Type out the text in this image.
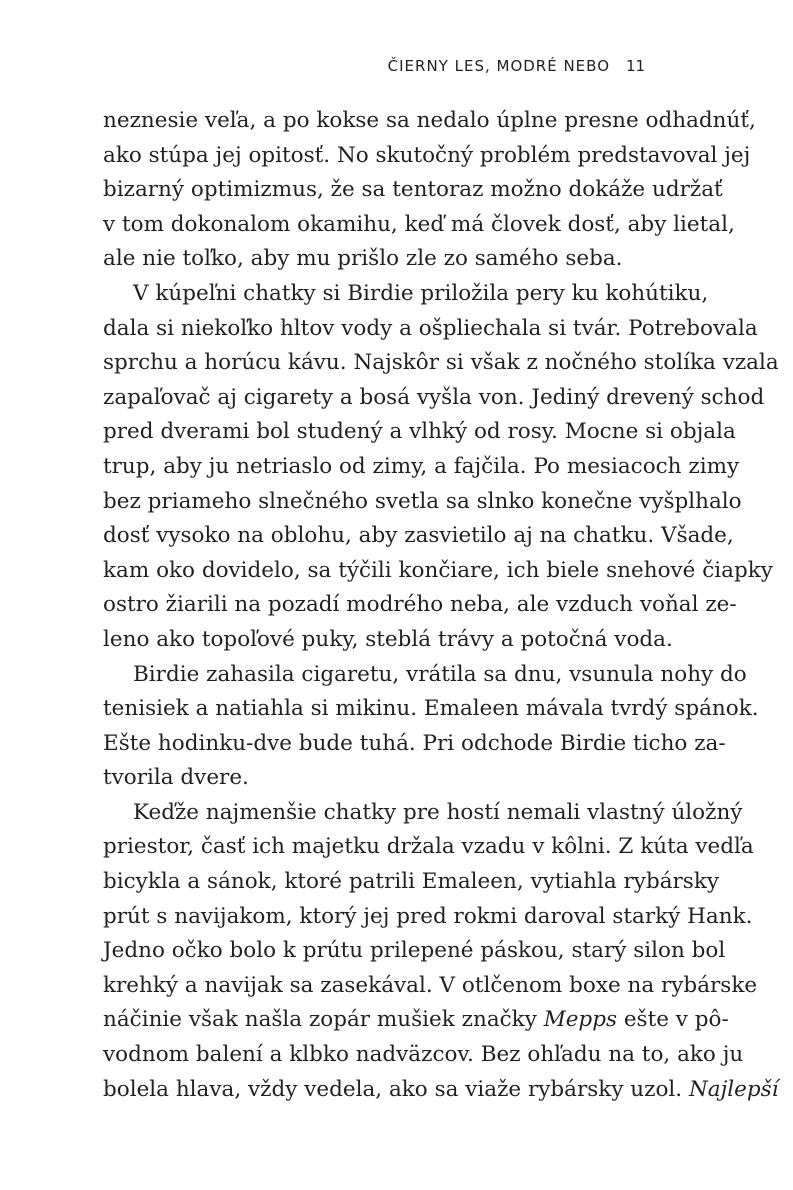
ČIERNY LES, MODRÉ NEBO 11
neznesie veľa, a po kokse sa nedalo úplne presne odhadnúť,
ako stúpa jej opitosť. No skutočný problém predstavoval jej
bizarný optimizmus, že sa tentoraz možno dokáže udržať
v tom dokonalom okamihu, keď má človek dosť, aby lietal,
ale nie toľko, aby mu prišlo zle zo samého seba.
V kúpeľni chatky si Birdie priložila pery ku kohútiku,
dala si niekoľko hltov vody a ošpliechala si tvár. Potrebovala
sprchu a horúcu kávu. Najskôr si však z nočného stolíka vzala
zapaľovač aj cigarety a bosá vyšla von. Jediný drevený schod
pred dverami bol studený a vlhký od rosy. Mocne si objala
trup, aby ju netriaslo od zimy, a fajčila. Po mesiacoch zimy
bez priameho slnečného svetla sa slnko konečne vyšplhalo
dosť vysoko na oblohu, aby zasvietilo aj na chatku. Všade,
kam oko dovidelo, sa týčili končiare, ich biele snehové čiapky
ostro žiarili na pozadí modrého neba, ale vzduch voňal ze-
leno ako topoľové puky, steblá trávy a potočná voda.
Birdie zahasila cigaretu, vrátila sa dnu, vsunula nohy do
tenisiek a natiahla si mikinu. Emaleen mávala tvrdý spánok.
Ešte hodinku-dve bude tuhá. Pri odchode Birdie ticho za-
tvorila dvere.
Keďže najmenšie chatky pre hostí nemali vlastný úložný
priestor, časť ich majetku držala vzadu v kôlni. Z kúta vedľa
bicykla a sánok, ktoré patrili Emaleen, vytiahla rybársky
prút s navijakom, ktorý jej pred rokmi daroval starký Hank.
Jedno očko bolo k prútu prilepené páskou, starý silon bol
krehký a navijak sa zasekával. V otlčenom boxe na rybárske
náčinie však našla zopár mušiek značky Mepps ešte v pô-
vodnom balení a klbko nadväzcov. Bez ohľadu na to, ako ju
bolela hlava, vždy vedela, ako sa viaže rybársky uzol. Najlepší
